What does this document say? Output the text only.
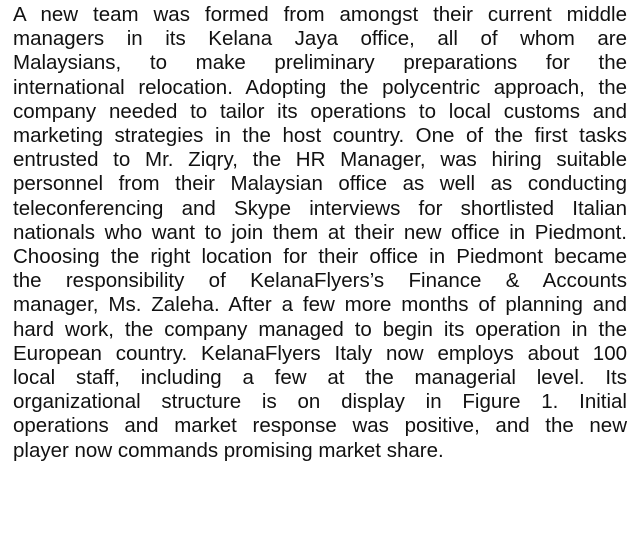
A new team was formed from amongst their current middle
managers in its Kelana Jaya office, all of whom are
Malaysians, to make preliminary preparations for the
international relocation. Adopting the polycentric approach, the
company needed to tailor its operations to local customs and
marketing strategies in the host country. One of the first tasks
entrusted to Mr. Ziqry, the HR Manager, was hiring suitable
personnel from their Malaysian office as well as conducting
teleconferencing and Skype interviews for shortlisted Italian
nationals who want to join them at their new office in Piedmont.
Choosing the right location for their office in Piedmont became
the responsibility of KelanaFlyers’s Finance & Accounts
manager, Ms. Zaleha. After a few more months of planning and
hard work, the company managed to begin its operation in the
European country. KelanaFlyers Italy now employs about 100
local staff, including a few at the managerial level. Its
organizational structure is on display in Figure 1. Initial
operations and market response was positive, and the new
player now commands promising market share.
